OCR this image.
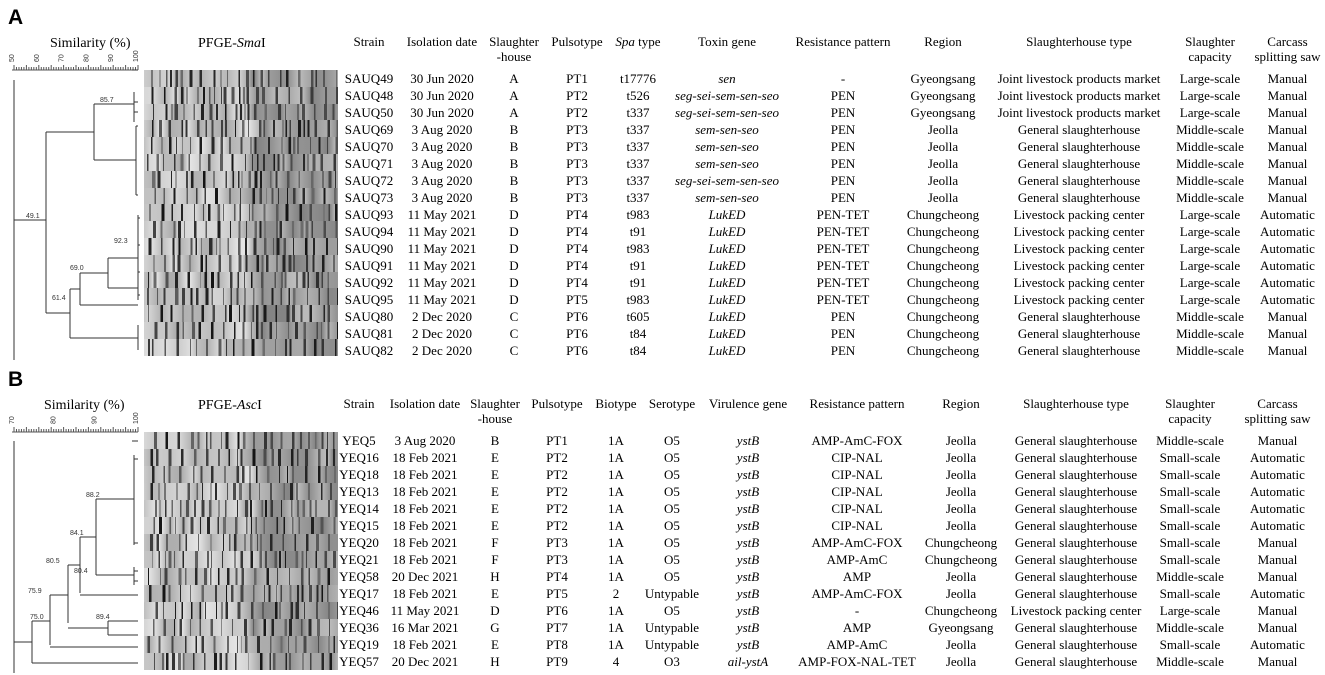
A
Similarity (%)	PFGE-SmaI
50	60	70	80	90	100
85.7
49.1
92.3
69.0
61.4
Strain	Isolation date	Slaughter
-house	Pulsotype	Spa type	Toxin gene	Resistance pattern	Region	Slaughterhouse type	Slaughter
capacity	Carcass
splitting saw
SAUQ49	30 Jun 2020	A	PT1	t17776	sen	-	Gyeongsang	Joint livestock products market	Large-scale	Manual
SAUQ48	30 Jun 2020	A	PT2	t526	seg-sei-sem-sen-seo	PEN	Gyeongsang	Joint livestock products market	Large-scale	Manual
SAUQ50	30 Jun 2020	A	PT2	t337	seg-sei-sem-sen-seo	PEN	Gyeongsang	Joint livestock products market	Large-scale	Manual
SAUQ69	3 Aug 2020	B	PT3	t337	sem-sen-seo	PEN	Jeolla	General slaughterhouse	Middle-scale	Manual
SAUQ70	3 Aug 2020	B	PT3	t337	sem-sen-seo	PEN	Jeolla	General slaughterhouse	Middle-scale	Manual
SAUQ71	3 Aug 2020	B	PT3	t337	sem-sen-seo	PEN	Jeolla	General slaughterhouse	Middle-scale	Manual
SAUQ72	3 Aug 2020	B	PT3	t337	seg-sei-sem-sen-seo	PEN	Jeolla	General slaughterhouse	Middle-scale	Manual
SAUQ73	3 Aug 2020	B	PT3	t337	sem-sen-seo	PEN	Jeolla	General slaughterhouse	Middle-scale	Manual
SAUQ93	11 May 2021	D	PT4	t983	LukED	PEN-TET	Chungcheong	Livestock packing center	Large-scale	Automatic
SAUQ94	11 May 2021	D	PT4	t91	LukED	PEN-TET	Chungcheong	Livestock packing center	Large-scale	Automatic
SAUQ90	11 May 2021	D	PT4	t983	LukED	PEN-TET	Chungcheong	Livestock packing center	Large-scale	Automatic
SAUQ91	11 May 2021	D	PT4	t91	LukED	PEN-TET	Chungcheong	Livestock packing center	Large-scale	Automatic
SAUQ92	11 May 2021	D	PT4	t91	LukED	PEN-TET	Chungcheong	Livestock packing center	Large-scale	Automatic
SAUQ95	11 May 2021	D	PT5	t983	LukED	PEN-TET	Chungcheong	Livestock packing center	Large-scale	Automatic
SAUQ80	2 Dec 2020	C	PT6	t605	LukED	PEN	Chungcheong	General slaughterhouse	Middle-scale	Manual
SAUQ81	2 Dec 2020	C	PT6	t84	LukED	PEN	Chungcheong	General slaughterhouse	Middle-scale	Manual
SAUQ82	2 Dec 2020	C	PT6	t84	LukED	PEN	Chungcheong	General slaughterhouse	Middle-scale	Manual
B
Similarity (%)	PFGE-AscI
70	80	90	100
88.2
84.1
80.5
80.4
75.9
89.4
75.0
Strain	Isolation date	Slaughter
-house	Pulsotype	Biotype	Serotype	Virulence gene	Resistance pattern	Region	Slaughterhouse type	Slaughter
capacity	Carcass
splitting saw
YEQ5	3 Aug 2020	B	PT1	1A	O5	ystB	AMP-AmC-FOX	Jeolla	General slaughterhouse	Middle-scale	Manual
YEQ16	18 Feb 2021	E	PT2	1A	O5	ystB	CIP-NAL	Jeolla	General slaughterhouse	Small-scale	Automatic
YEQ18	18 Feb 2021	E	PT2	1A	O5	ystB	CIP-NAL	Jeolla	General slaughterhouse	Small-scale	Automatic
YEQ13	18 Feb 2021	E	PT2	1A	O5	ystB	CIP-NAL	Jeolla	General slaughterhouse	Small-scale	Automatic
YEQ14	18 Feb 2021	E	PT2	1A	O5	ystB	CIP-NAL	Jeolla	General slaughterhouse	Small-scale	Automatic
YEQ15	18 Feb 2021	E	PT2	1A	O5	ystB	CIP-NAL	Jeolla	General slaughterhouse	Small-scale	Automatic
YEQ20	18 Feb 2021	F	PT3	1A	O5	ystB	AMP-AmC-FOX	Chungcheong	General slaughterhouse	Small-scale	Manual
YEQ21	18 Feb 2021	F	PT3	1A	O5	ystB	AMP-AmC	Chungcheong	General slaughterhouse	Small-scale	Manual
YEQ58	20 Dec 2021	H	PT4	1A	O5	ystB	AMP	Jeolla	General slaughterhouse	Middle-scale	Manual
YEQ17	18 Feb 2021	E	PT5	2	Untypable	ystB	AMP-AmC-FOX	Jeolla	General slaughterhouse	Small-scale	Automatic
YEQ46	11 May 2021	D	PT6	1A	O5	ystB	-	Chungcheong	Livestock packing center	Large-scale	Manual
YEQ36	16 Mar 2021	G	PT7	1A	Untypable	ystB	AMP	Gyeongsang	General slaughterhouse	Middle-scale	Manual
YEQ19	18 Feb 2021	E	PT8	1A	Untypable	ystB	AMP-AmC	Jeolla	General slaughterhouse	Small-scale	Automatic
YEQ57	20 Dec 2021	H	PT9	4	O3	ail-ystA	AMP-FOX-NAL-TET	Jeolla	General slaughterhouse	Middle-scale	Manual
